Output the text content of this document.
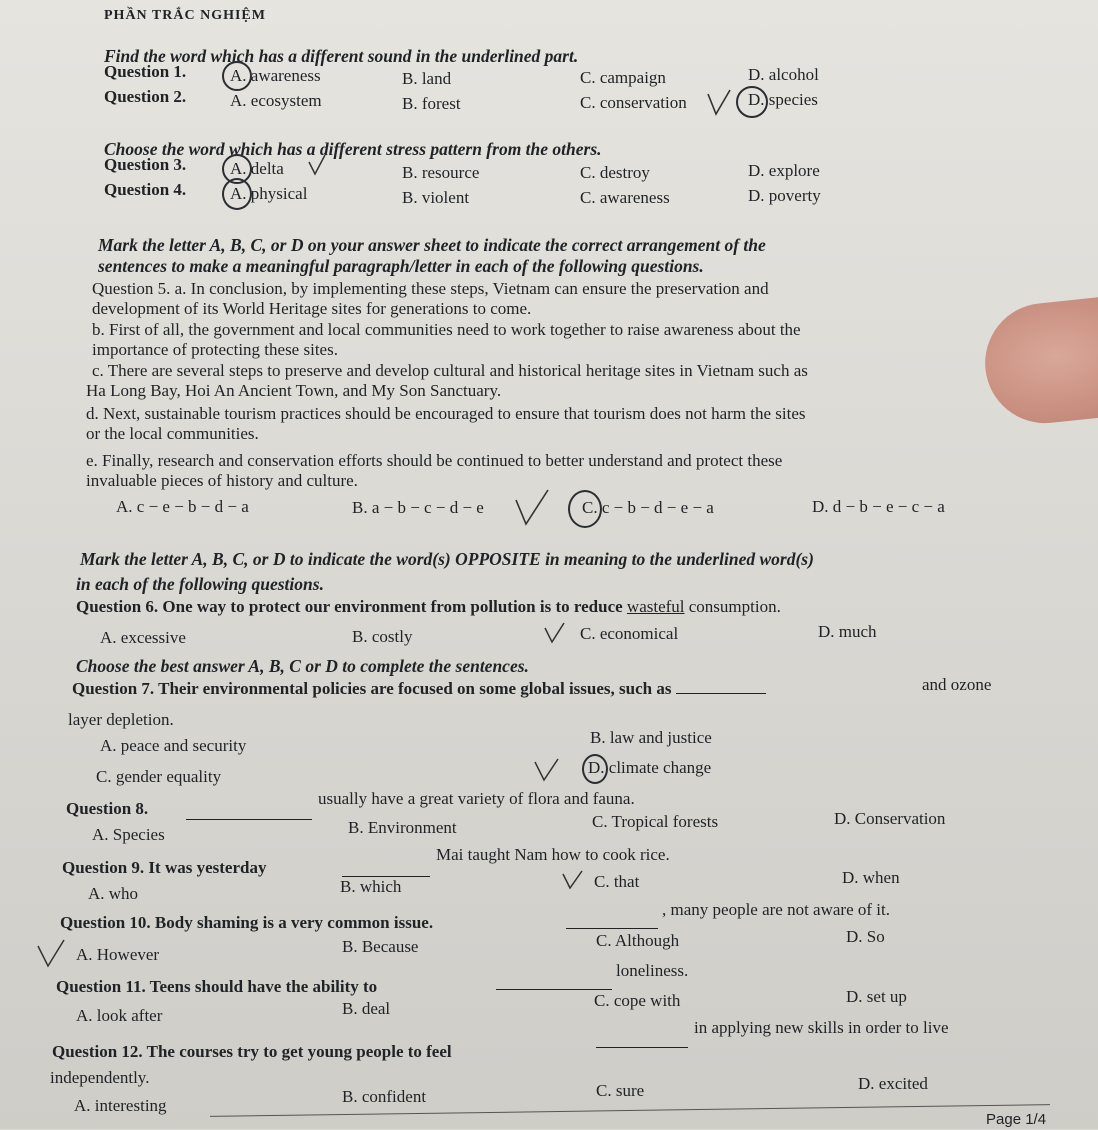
PHẦN TRẮC NGHIỆM
Find the word which has a different sound in the underlined part.
Question 1.	A. awareness	B. land	C. campaign	D. alcohol
Question 2.	A. ecosystem	B. forest	C. conservation	D. species
Choose the word which has a different stress pattern from the others.
Question 3.	A. delta	B. resource	C. destroy	D. explore
Question 4.	A. physical	B. violent	C. awareness	D. poverty
Mark the letter A, B, C, or D on your answer sheet to indicate the correct arrangement of the
sentences to make a meaningful paragraph/letter in each of the following questions.
Question 5. a. In conclusion, by implementing these steps, Vietnam can ensure the preservation and
development of its World Heritage sites for generations to come.
b. First of all, the government and local communities need to work together to raise awareness about the
importance of protecting these sites.
c. There are several steps to preserve and develop cultural and historical heritage sites in Vietnam such as
Ha Long Bay, Hoi An Ancient Town, and My Son Sanctuary.
d. Next, sustainable tourism practices should be encouraged to ensure that tourism does not harm the sites
or the local communities.
e. Finally, research and conservation efforts should be continued to better understand and protect these
invaluable pieces of history and culture.
A. c − e − b − d − a	B. a − b − c − d − e	C. c − b − d − e − a	D. d − b − e − c − a
Mark the letter A, B, C, or D to indicate the word(s) OPPOSITE in meaning to the underlined word(s)
in each of the following questions.
Question 6. One way to protect our environment from pollution is to reduce wasteful consumption.
A. excessive	B. costly	C. economical	D. much
Choose the best answer A, B, C or D to complete the sentences.
Question 7. Their environmental policies are focused on some global issues, such as	and ozone
layer depletion.
A. peace and security	B. law and justice
C. gender equality	D. climate change
Question 8.
usually have a great variety of flora and fauna.
A. Species	B. Environment	C. Tropical forests	D. Conservation
Question 9. It was yesterday
Mai taught Nam how to cook rice.
A. who	B. which	C. that	D. when
Question 10. Body shaming is a very common issue.
, many people are not aware of it.
A. However	B. Because	C. Although	D. So
Question 11. Teens should have the ability to
loneliness.
A. look after	B. deal	C. cope with	D. set up
Question 12. The courses try to get young people to feel
in applying new skills in order to live
independently.
A. interesting	B. confident	C. sure	D. excited
Page 1/4
